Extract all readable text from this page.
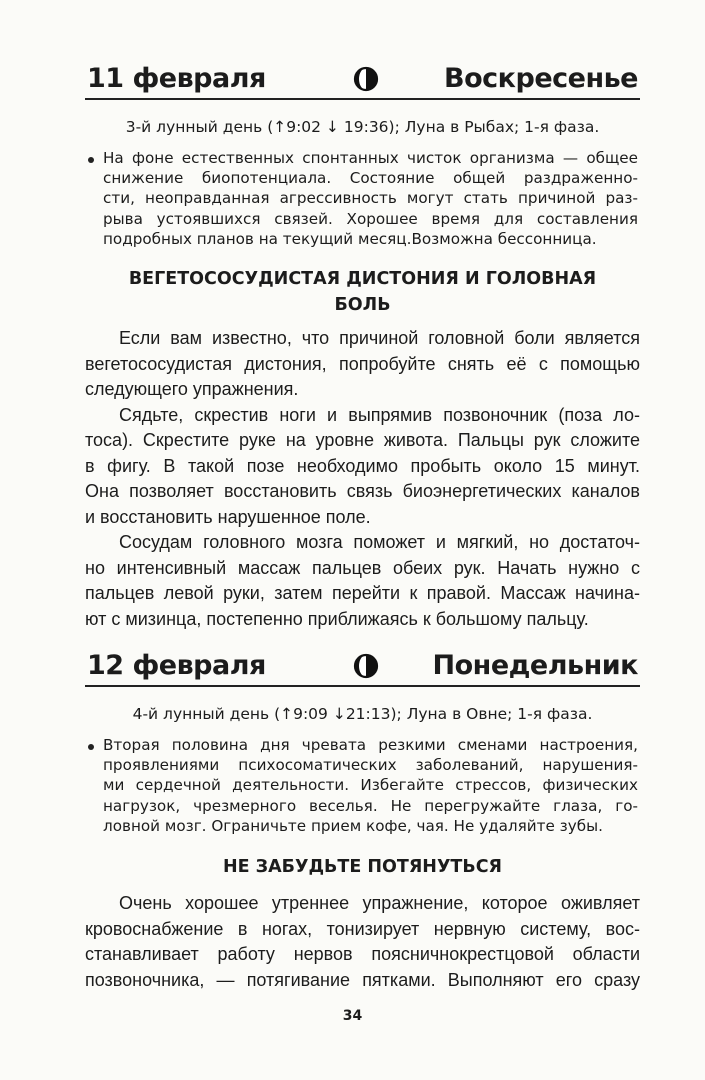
11 февраля	Воскресенье
3-й лунный день (↑9:02 ↓ 19:36); Луна в Рыбах; 1-я фаза.
На фоне естественных спонтанных чисток организма — общее
снижение биопотенциала. Состояние общей раздраженно-
сти, неоправданная агрессивность могут стать причиной раз-
рыва устоявшихся связей. Хорошее время для составления
подробных планов на текущий месяц.Возможна бессонница.
ВЕГЕТОСОСУДИСТАЯ ДИСТОНИЯ И ГОЛОВНАЯ
БОЛЬ
Если вам известно, что причиной головной боли является
вегетососудистая дистония, попробуйте снять её с помощью
следующего упражнения.
Сядьте, скрестив ноги и выпрямив позвоночник (поза ло-
тоса). Скрестите руке на уровне живота. Пальцы рук сложите
в фигу. В такой позе необходимо пробыть около 15 минут.
Она позволяет восстановить связь биоэнергетических каналов
и восстановить нарушенное поле.
Сосудам головного мозга поможет и мягкий, но достаточ-
но интенсивный массаж пальцев обеих рук. Начать нужно с
пальцев левой руки, затем перейти к правой. Массаж начина-
ют с мизинца, постепенно приближаясь к большому пальцу.
12 февраля	Понедельник
4-й лунный день (↑9:09 ↓21:13); Луна в Овне; 1-я фаза.
Вторая половина дня чревата резкими сменами настроения,
проявлениями психосоматических заболеваний, нарушения-
ми сердечной деятельности. Избегайте стрессов, физических
нагрузок, чрезмерного веселья. Не перегружайте глаза, го-
ловной мозг. Ограничьте прием кофе, чая. Не удаляйте зубы.
НЕ ЗАБУДЬТЕ ПОТЯНУТЬСЯ
Очень хорошее утреннее упражнение, которое оживляет
кровоснабжение в ногах, тонизирует нервную систему, вос-
станавливает работу нервов поясничнокрестцовой области
позвоночника, — потягивание пятками. Выполняют его сразу
34
